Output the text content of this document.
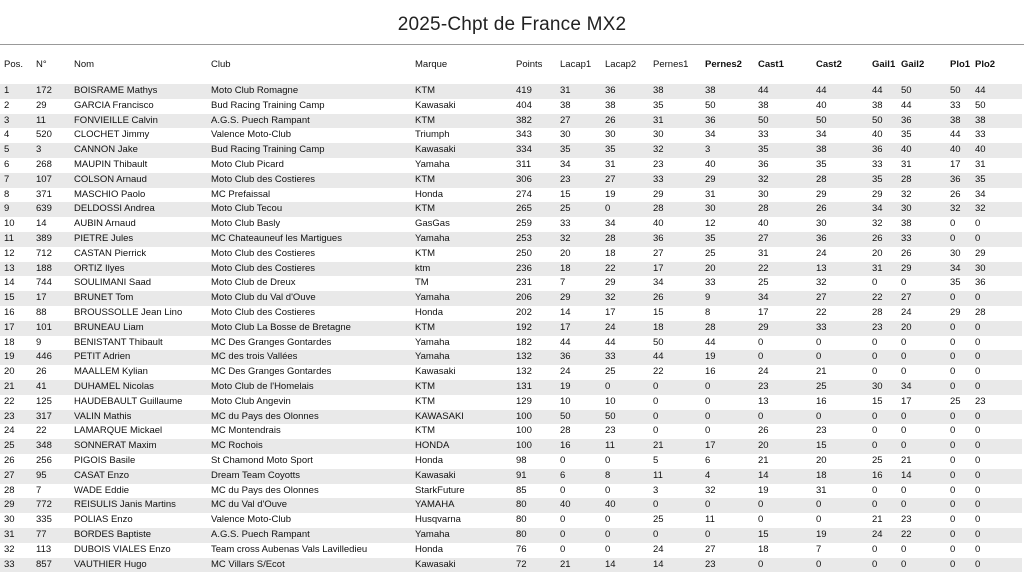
2025-Chpt de France MX2
Pos.	N°	Nom	Club	Marque	Points	Lacap1	Lacap2	Pernes1	Pernes2	Cast1	Cast2	Gail1	Gail2	Plo1	Plo2

1	172	BOISRAME Mathys	Moto Club Romagne	KTM	419	31	36	38	38	44	44	44	50	50	44
2	29	GARCIA Francisco	Bud Racing Training Camp	Kawasaki	404	38	38	35	50	38	40	38	44	33	50
3	11	FONVIEILLE Calvin	A.G.S. Puech Rampant	KTM	382	27	26	31	36	50	50	50	36	38	38
4	520	CLOCHET Jimmy	Valence Moto-Club	Triumph	343	30	30	30	34	33	34	40	35	44	33
5	3	CANNON Jake	Bud Racing Training Camp	Kawasaki	334	35	35	32	3	35	38	36	40	40	40
6	268	MAUPIN Thibault	Moto Club Picard	Yamaha	311	34	31	23	40	36	35	33	31	17	31
7	107	COLSON Arnaud	Moto Club des Costieres	KTM	306	23	27	33	29	32	28	35	28	36	35
8	371	MASCHIO Paolo	MC Prefaissal	Honda	274	15	19	29	31	30	29	29	32	26	34
9	639	DELDOSSI Andrea	Moto Club Tecou	KTM	265	25	0	28	30	28	26	34	30	32	32
10	14	AUBIN Arnaud	Moto Club Basly	GasGas	259	33	34	40	12	40	30	32	38	0	0
11	389	PIETRE Jules	MC Chateauneuf les Martigues	Yamaha	253	32	28	36	35	27	36	26	33	0	0
12	712	CASTAN Pierrick	Moto Club des Costieres	KTM	250	20	18	27	25	31	24	20	26	30	29
13	188	ORTIZ Ilyes	Moto Club des Costieres	ktm	236	18	22	17	20	22	13	31	29	34	30
14	744	SOULIMANI Saad	Moto Club de Dreux	TM	231	7	29	34	33	25	32	0	0	35	36
15	17	BRUNET Tom	Moto Club du Val d'Ouve	Yamaha	206	29	32	26	9	34	27	22	27	0	0
16	88	BROUSSOLLE Jean Lino	Moto Club des Costieres	Honda	202	14	17	15	8	17	22	28	24	29	28
17	101	BRUNEAU Liam	Moto Club La Bosse de Bretagne	KTM	192	17	24	18	28	29	33	23	20	0	0
18	9	BENISTANT Thibault	MC Des Granges Gontardes	Yamaha	182	44	44	50	44	0	0	0	0	0	0
19	446	PETIT Adrien	MC des trois Vallées	Yamaha	132	36	33	44	19	0	0	0	0	0	0
20	26	MAALLEM Kylian	MC Des Granges Gontardes	Kawasaki	132	24	25	22	16	24	21	0	0	0	0
21	41	DUHAMEL Nicolas	Moto Club de l'Homelais	KTM	131	19	0	0	0	23	25	30	34	0	0
22	125	HAUDEBAULT Guillaume	Moto Club Angevin	KTM	129	10	10	0	0	13	16	15	17	25	23
23	317	VALIN Mathis	MC du Pays des Olonnes	KAWASAKI	100	50	50	0	0	0	0	0	0	0	0
24	22	LAMARQUE Mickael	MC Montendrais	KTM	100	28	23	0	0	26	23	0	0	0	0
25	348	SONNERAT Maxim	MC Rochois	HONDA	100	16	11	21	17	20	15	0	0	0	0
26	256	PIGOIS Basile	St Chamond Moto Sport	Honda	98	0	0	5	6	21	20	25	21	0	0
27	95	CASAT Enzo	Dream Team Coyotts	Kawasaki	91	6	8	11	4	14	18	16	14	0	0
28	7	WADE Eddie	MC du Pays des Olonnes	StarkFuture	85	0	0	3	32	19	31	0	0	0	0
29	772	REISULIS Janis Martins	MC du Val d'Ouve	YAMAHA	80	40	40	0	0	0	0	0	0	0	0
30	335	POLIAS Enzo	Valence Moto-Club	Husqvarna	80	0	0	25	11	0	0	21	23	0	0
31	77	BORDES Baptiste	A.G.S. Puech Rampant	Yamaha	80	0	0	0	0	15	19	24	22	0	0
32	113	DUBOIS VIALES Enzo	Team cross Aubenas Vals Lavilledieu	Honda	76	0	0	24	27	18	7	0	0	0	0
33	857	VAUTHIER Hugo	MC Villars S/Ecot	Kawasaki	72	21	14	14	23	0	0	0	0	0	0
